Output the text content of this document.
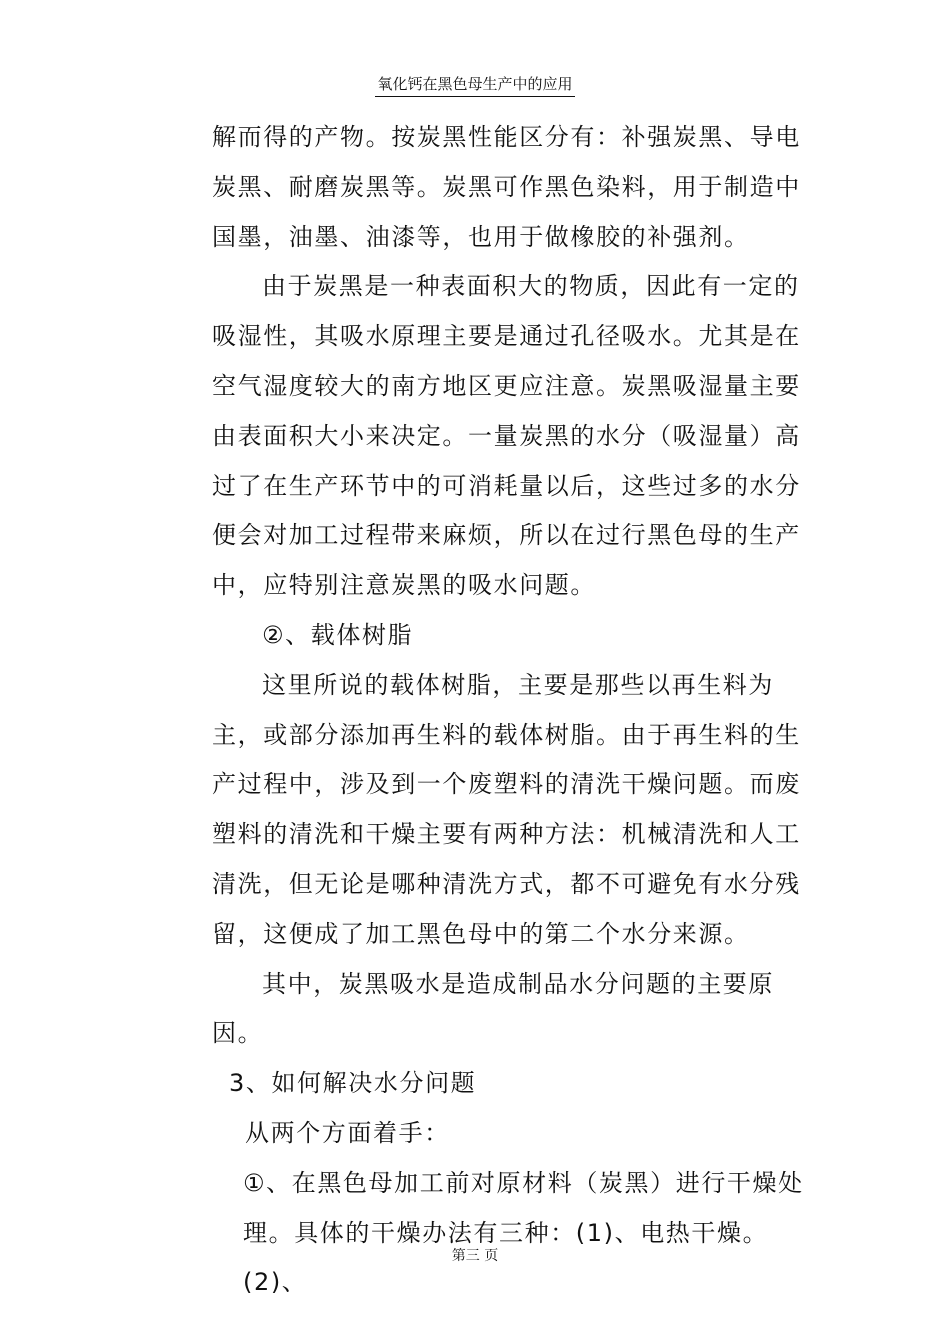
氧化钙在黑色母生产中的应用

解而得的产物。按炭黑性能区分有：补强炭黑、导电炭黑、耐磨炭黑等。炭黑可作黑色染料，用于制造中国墨，油墨、油漆等，也用于做橡胶的补强剂。

由于炭黑是一种表面积大的物质，因此有一定的吸湿性，其吸水原理主要是通过孔径吸水。尤其是在空气湿度较大的南方地区更应注意。炭黑吸湿量主要由表面积大小来决定。一量炭黑的水分（吸湿量）高过了在生产环节中的可消耗量以后，这些过多的水分便会对加工过程带来麻烦，所以在过行黑色母的生产中，应特别注意炭黑的吸水问题。

②、载体树脂

这里所说的载体树脂，主要是那些以再生料为主，或部分添加再生料的载体树脂。由于再生料的生产过程中，涉及到一个废塑料的清洗干燥问题。而废塑料的清洗和干燥主要有两种方法：机械清洗和人工清洗，但无论是哪种清洗方式，都不可避免有水分残留，这便成了加工黑色母中的第二个水分来源。

其中，炭黑吸水是造成制品水分问题的主要原因。

3、如何解决水分问题

从两个方面着手：

①、在黑色母加工前对原材料（炭黑）进行干燥处理。具体的干燥办法有三种：(1)、电热干燥。(2)、

第三 页
